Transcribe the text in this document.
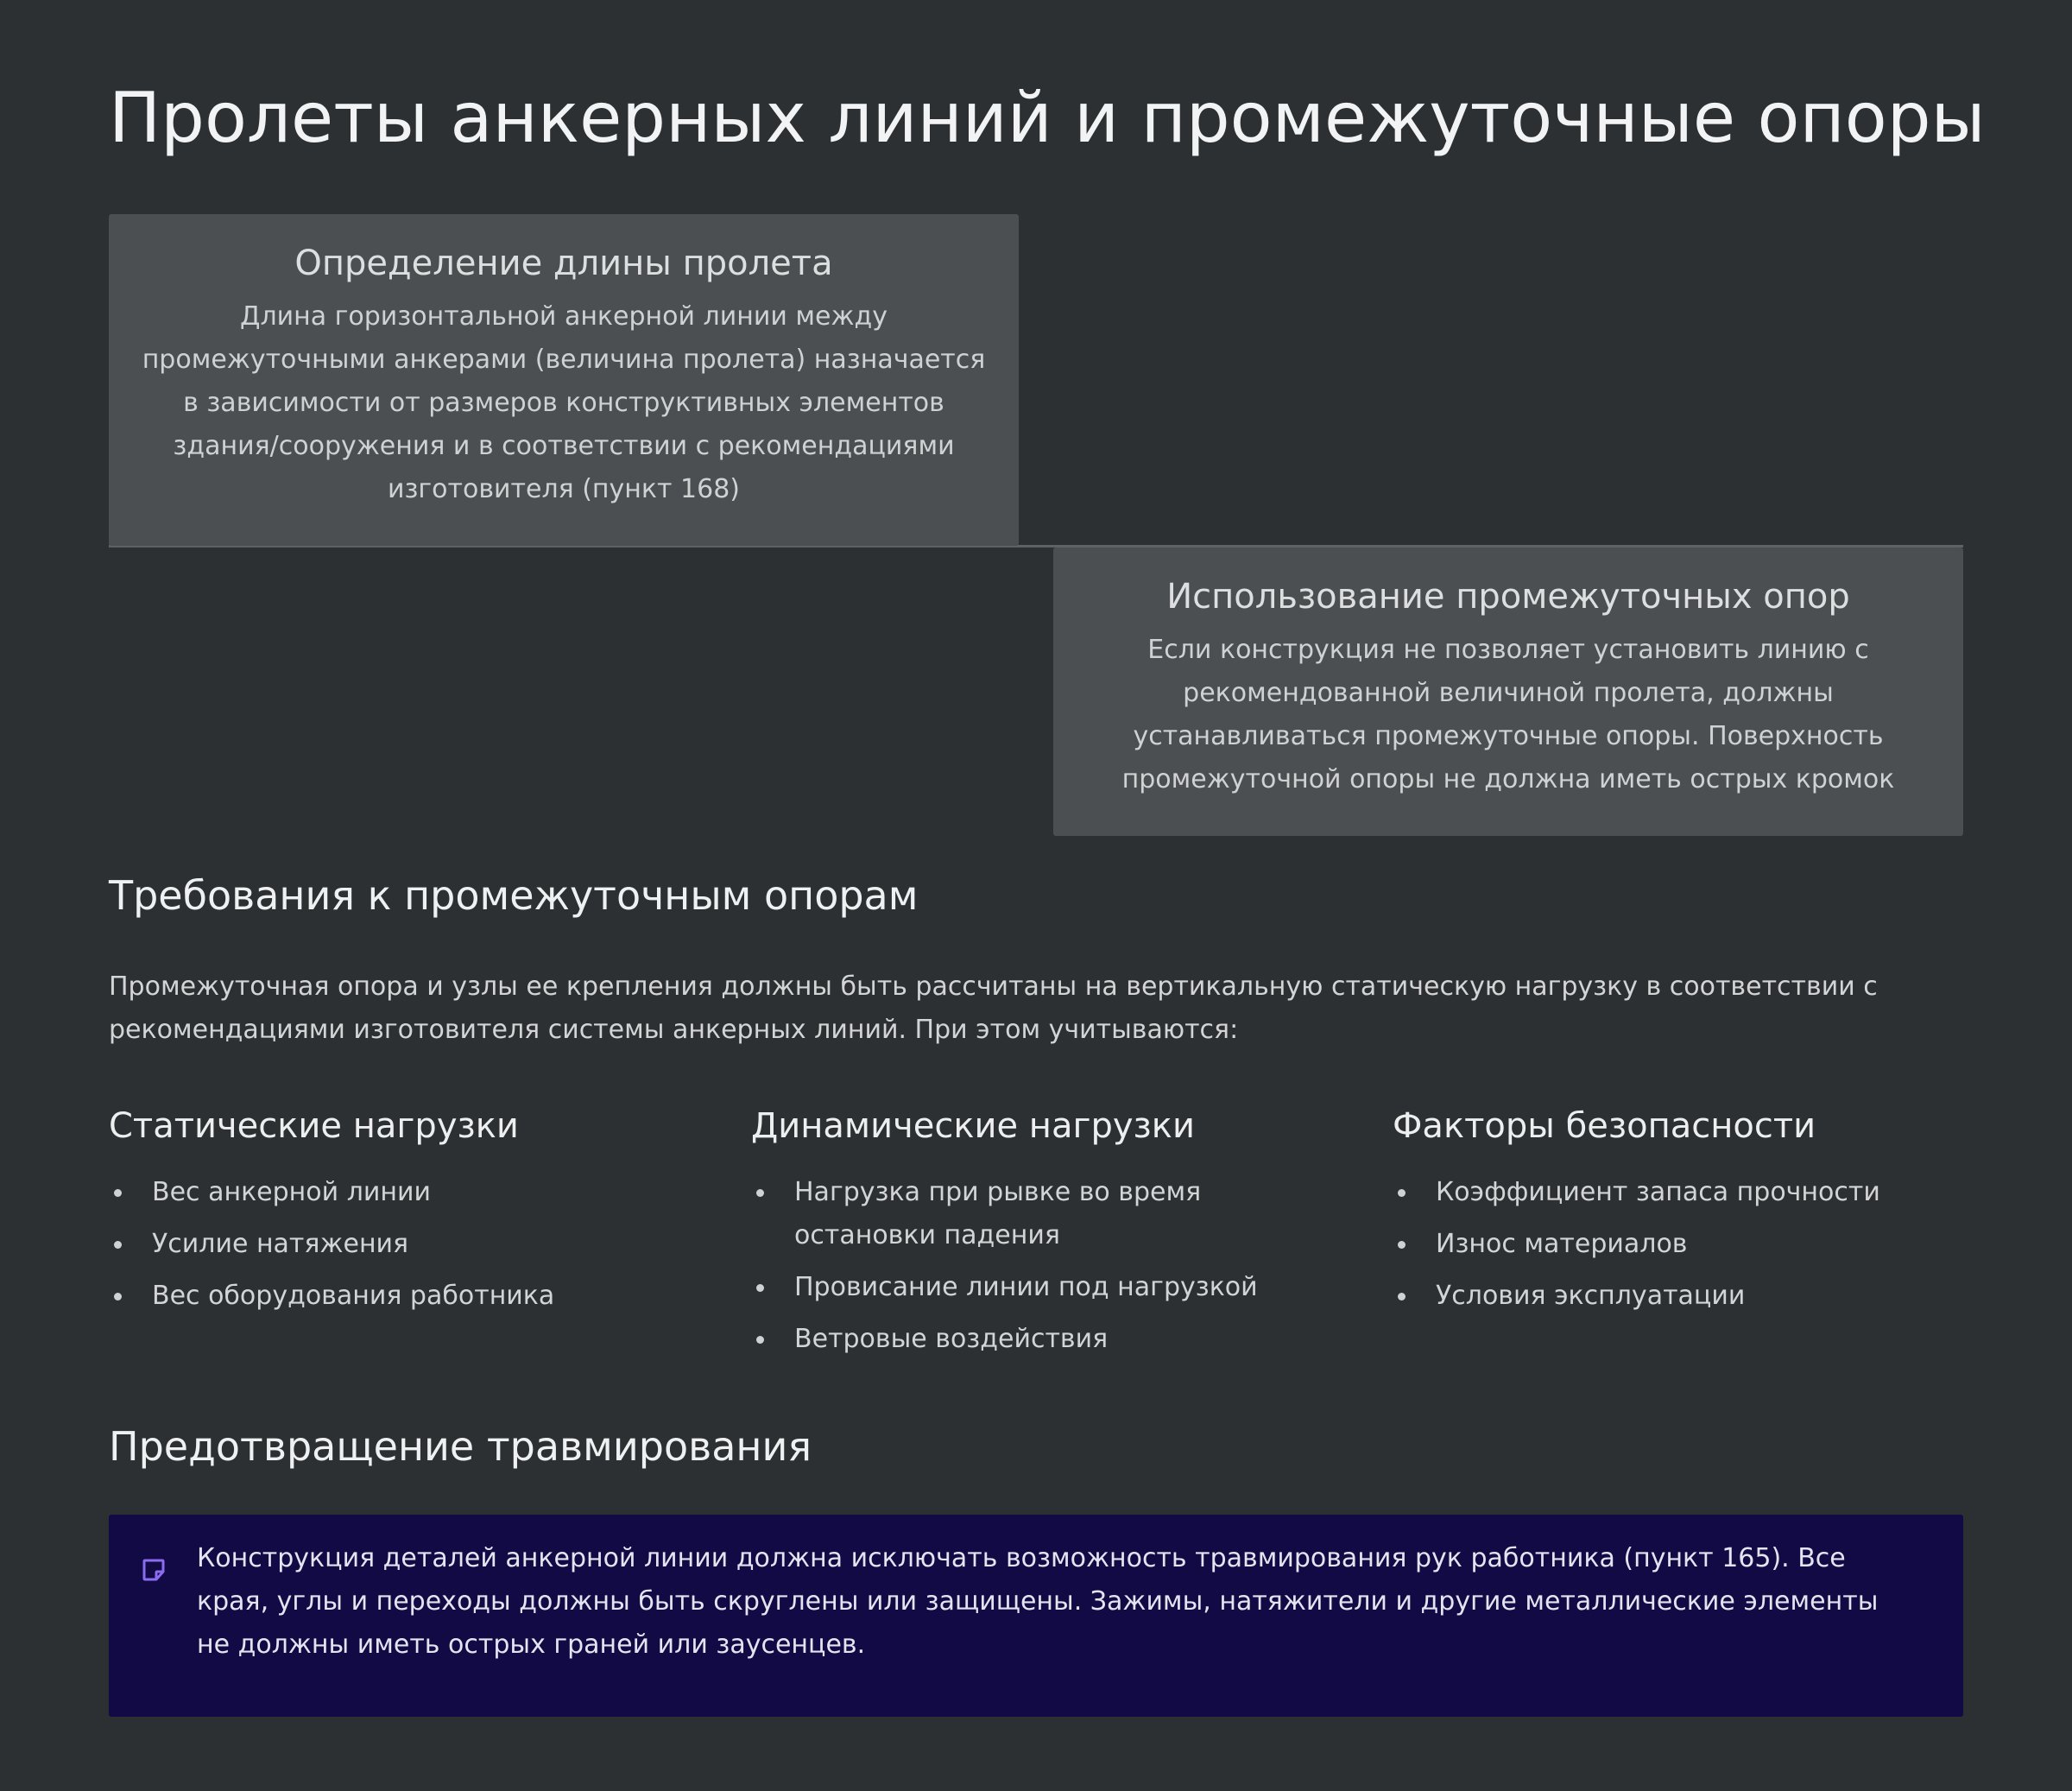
Пролеты анкерных линий и промежуточные опоры
Определение длины пролета
Длина горизонтальной анкерной линии между промежуточными анкерами (величина пролета) назначается в зависимости от размеров конструктивных элементов здания/сооружения и в соответствии с рекомендациями изготовителя (пункт 168)
Использование промежуточных опор
Если конструкция не позволяет установить линию с рекомендованной величиной пролета, должны устанавливаться промежуточные опоры. Поверхность промежуточной опоры не должна иметь острых кромок
Требования к промежуточным опорам

Промежуточная опора и узлы ее крепления должны быть рассчитаны на вертикальную статическую нагрузку в соответствии с рекомендациями изготовителя системы анкерных линий. При этом учитываются:

Статические нагрузки
Вес анкерной линии
Усилие натяжения
Вес оборудования работника
Динамические нагрузки
Нагрузка при рывке во время остановки падения
Провисание линии под нагрузкой
Ветровые воздействия
Факторы безопасности
Коэффициент запаса прочности
Износ материалов
Условия эксплуатации
Предотвращение травмирования

Конструкция деталей анкерной линии должна исключать возможность травмирования рук работника (пункт 165). Все края, углы и переходы должны быть скруглены или защищены. Зажимы, натяжители и другие металлические элементы не должны иметь острых граней или заусенцев.
